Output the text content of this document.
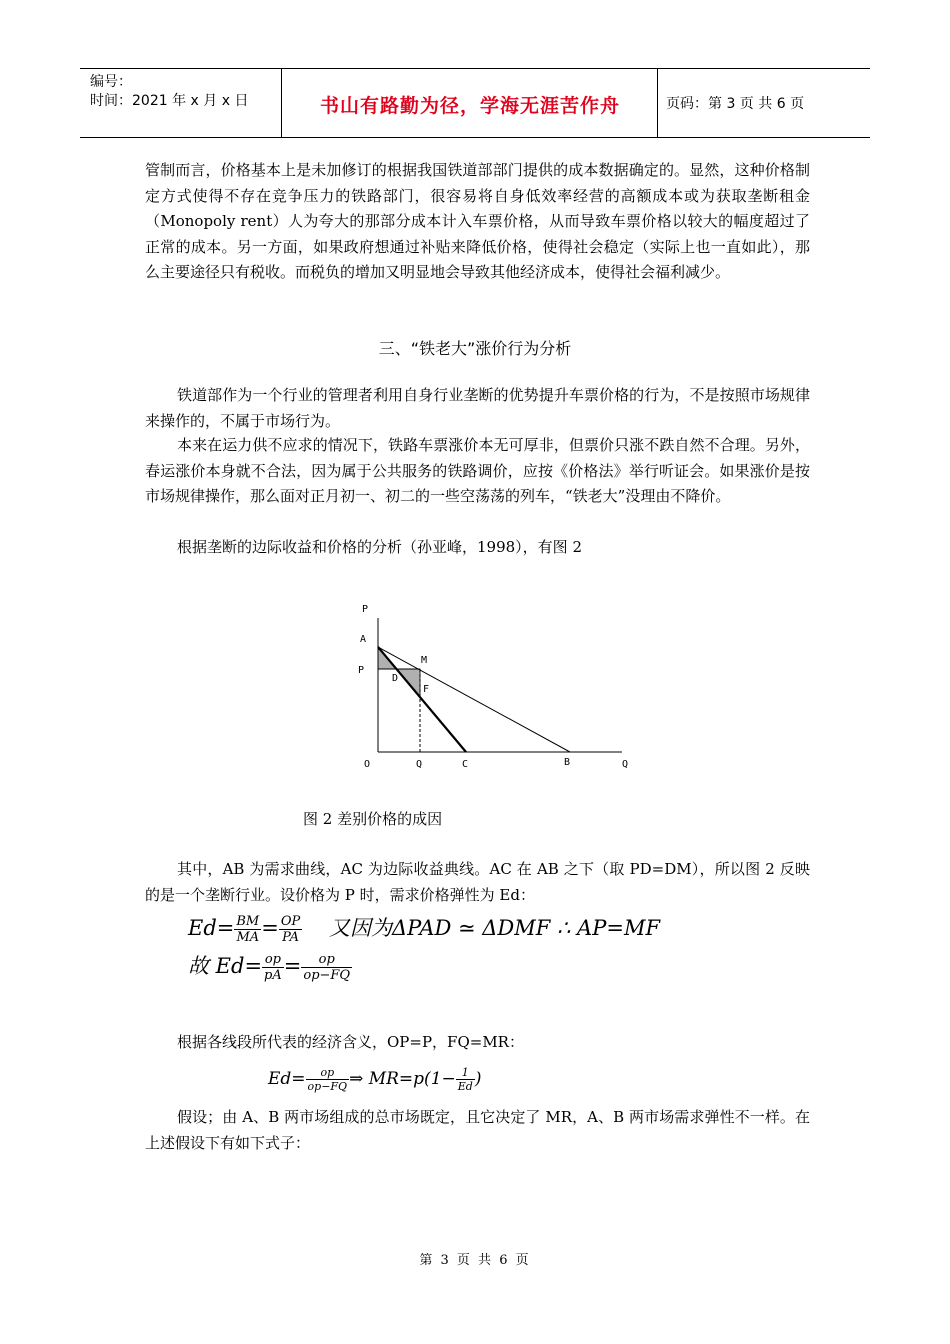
编号：
时间：2021 年 x 月 x 日	书山有路勤为径，学海无涯苦作舟	页码：第 3 页 共 6 页
管制而言，价格基本上是未加修订的根据我国铁道部部门提供的成本数据确定的。显然，这种价格制定方式使得不存在竞争压力的铁路部门，很容易将自身低效率经营的高额成本或为获取垄断租金（Monopoly rent）人为夸大的那部分成本计入车票价格，从而导致车票价格以较大的幅度超过了正常的成本。另一方面，如果政府想通过补贴来降低价格，使得社会稳定（实际上也一直如此），那么主要途径只有税收。而税负的增加又明显地会导致其他经济成本，使得社会福利减少。
三、“铁老大”涨价行为分析
铁道部作为一个行业的管理者利用自身行业垄断的优势提升车票价格的行为，不是按照市场规律来操作的，不属于市场行为。
本来在运力供不应求的情况下，铁路车票涨价本无可厚非，但票价只涨不跌自然不合理。另外，春运涨价本身就不合法，因为属于公共服务的铁路调价，应按《价格法》举行听证会。如果涨价是按市场规律操作，那么面对正月初一、初二的一些空荡荡的列车，“铁老大”没理由不降价。
根据垄断的边际收益和价格的分析（孙亚峰，1998），有图 2
P
A
P
M
D
F
O	Q	C	B	Q
图 2 差别价格的成因
其中，AB 为需求曲线，AC 为边际收益典线。AC 在 AB 之下（取 PD=DM），所以图 2 反映的是一个垄断行业。设价格为 P 时，需求价格弹性为 Ed：
$Ed= \frac{BM}{MA} = \frac{OP}{PA}$ 又因为ΔPAD ≃ ΔDMF ∴ AP=MF
故 $Ed= \frac{op}{pA} = \frac{op}{op-FQ}$
根据各线段所代表的经济含义，OP=P，FQ=MR：
$Ed= \frac{op}{op-FQ}$ ⇒ $MR=p(1- \frac{1}{Ed}$ )
假设；由 A、B 两市场组成的总市场既定，且它决定了 MR，A、B 两市场需求弹性不一样。在上述假设下有如下式子：
第 3 页 共 6 页
